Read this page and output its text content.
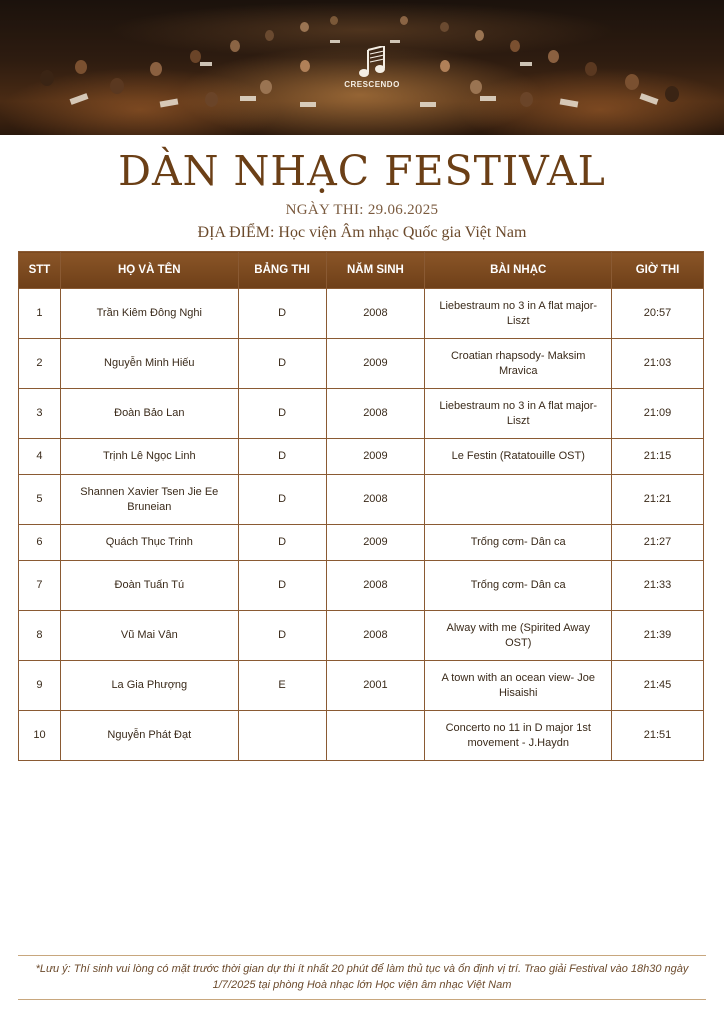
CRESCENDO
DÀN NHẠC FESTIVAL
NGÀY THI: 29.06.2025
ĐỊA ĐIỂM: Học viện Âm nhạc Quốc gia Việt Nam
STT	HỌ VÀ TÊN	BẢNG THI	NĂM SINH	BÀI NHẠC	GIỜ THI
1	Trần Kiêm Đông Nghi	D	2008	Liebestraum no 3 in A flat major- Liszt	20:57
2	Nguyễn Minh Hiếu	D	2009	Croatian rhapsody- Maksim Mravica	21:03
3	Đoàn Bảo Lan	D	2008	Liebestraum no 3 in A flat major- Liszt	21:09
4	Trịnh Lê Ngọc Linh	D	2009	Le Festin (Ratatouille OST)	21:15
5	Shannen Xavier Tsen Jie Ee Bruneian	D	2008		21:21
6	Quách Thục Trinh	D	2009	Trống cơm- Dân ca	21:27
7	Đoàn Tuấn Tú	D	2008	Trống cơm- Dân ca	21:33
8	Vũ Mai Vân	D	2008	Alway with me (Spirited Away OST)	21:39
9	La Gia Phượng	E	2001	A town with an ocean view- Joe Hisaishi	21:45
10	Nguyễn Phát Đạt			Concerto no 11 in D major 1st movement - J.Haydn	21:51
*Lưu ý: Thí sinh vui lòng có mặt trước thời gian dự thi ít nhất 20 phút để làm thủ tục và ổn định vị trí. Trao giải Festival vào 18h30 ngày 1/7/2025 tại phòng Hoà nhạc lớn Học viện âm nhạc Việt Nam
